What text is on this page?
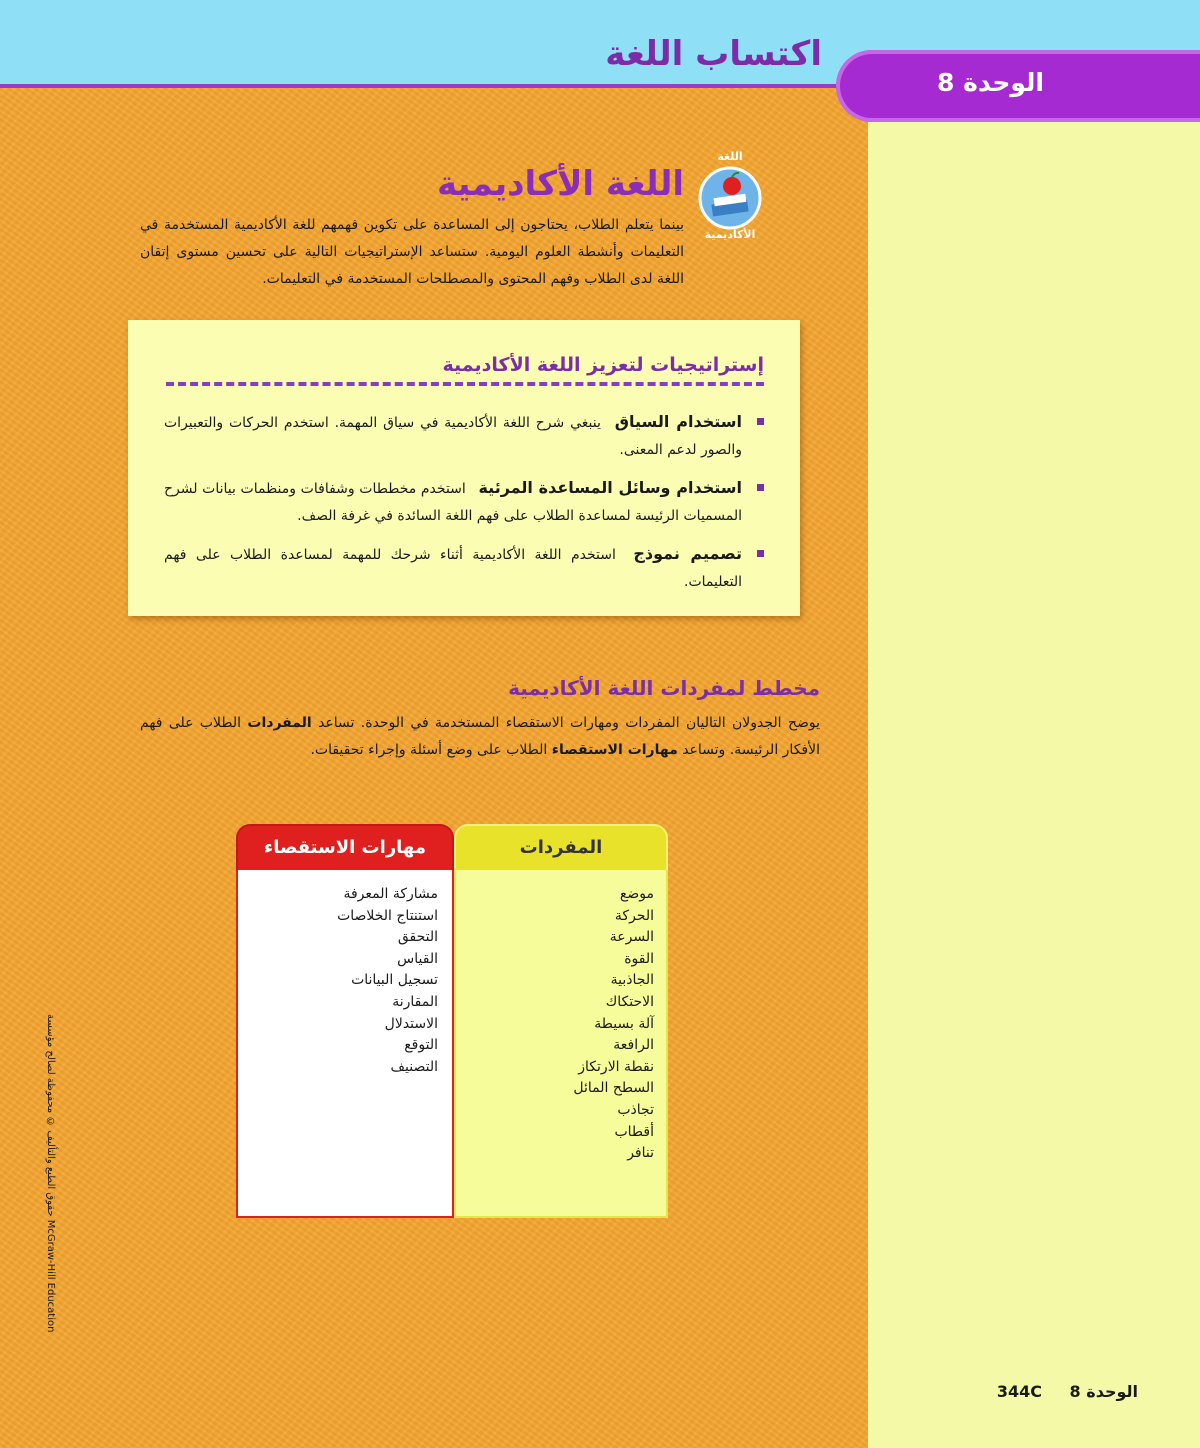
اكتساب اللغة
الوحدة 8
اللغة
الأكاديمية
اللغة الأكاديمية
بينما يتعلم الطلاب، يحتاجون إلى المساعدة على تكوين فهمهم للغة الأكاديمية المستخدمة في التعليمات وأنشطة العلوم اليومية. ستساعد الإستراتيجيات التالية على تحسين مستوى إتقان اللغة لدى الطلاب وفهم المحتوى والمصطلحات المستخدمة في التعليمات.
إستراتيجيات لتعزيز اللغة الأكاديمية
استخدام السياق ينبغي شرح اللغة الأكاديمية في سياق المهمة. استخدم الحركات والتعبيرات والصور لدعم المعنى.
استخدام وسائل المساعدة المرئية استخدم مخططات وشفافات ومنظمات بيانات لشرح المسميات الرئيسة لمساعدة الطلاب على فهم اللغة السائدة في غرفة الصف.
تصميم نموذج استخدم اللغة الأكاديمية أثناء شرحك للمهمة لمساعدة الطلاب على فهم التعليمات.
مخطط لمفردات اللغة الأكاديمية
يوضح الجدولان التاليان المفردات ومهارات الاستقصاء المستخدمة في الوحدة. تساعد المفردات الطلاب على فهم الأفكار الرئيسة. وتساعد مهارات الاستقصاء الطلاب على وضع أسئلة وإجراء تحقيقات.
المفردات
موضع
الحركة
السرعة
القوة
الجاذبية
الاحتكاك
آلة بسيطة
الرافعة
نقطة الارتكاز
السطح المائل
تجاذب
أقطاب
تنافر
مهارات الاستقصاء
مشاركة المعرفة
استنتاج الخلاصات
التحقق
القياس
تسجيل البيانات
المقارنة
الاستدلال
التوقع
التصنيف
حقوق الطبع والتأليف © محفوظة لصالح مؤسسة McGraw-Hill Education
الوحدة 8 344C
